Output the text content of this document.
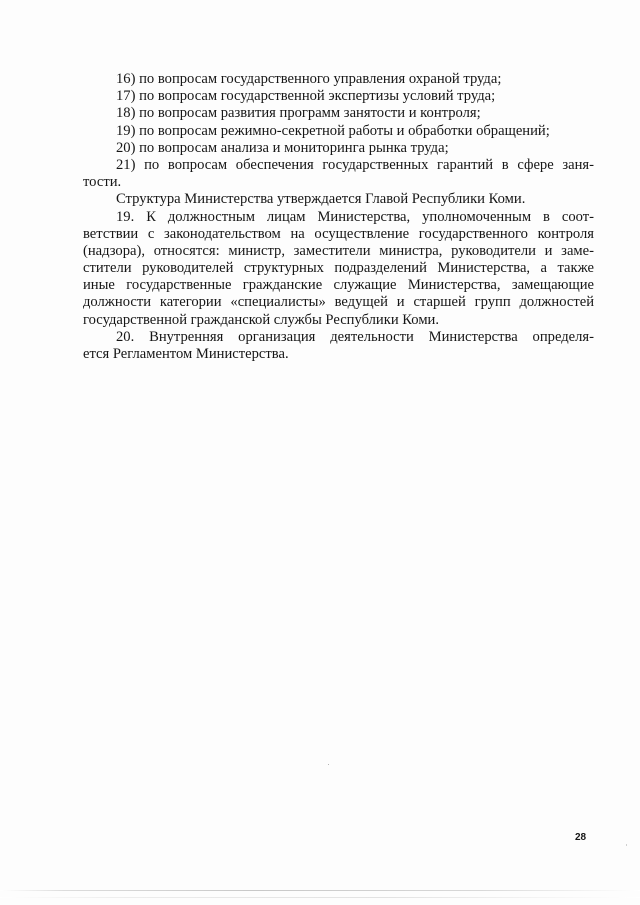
16) по вопросам государственного управления охраной труда;
17) по вопросам государственной экспертизы условий труда;
18) по вопросам развития программ занятости и контроля;
19) по вопросам режимно-секретной работы и обработки обращений;
20) по вопросам анализа и мониторинга рынка труда;
21) по вопросам обеспечения государственных гарантий в сфере заня-
тости.
Структура Министерства утверждается Главой Республики Коми.
19. К должностным лицам Министерства, уполномоченным в соот-
ветствии с законодательством на осуществление государственного контроля
(надзора), относятся: министр, заместители министра, руководители и заме-
стители руководителей структурных подразделений Министерства, а также
иные государственные гражданские служащие Министерства, замещающие
должности категории «специалисты» ведущей и старшей групп должностей
государственной гражданской службы Республики Коми.
20. Внутренняя организация деятельности Министерства определя-
ется Регламентом Министерства.
28
